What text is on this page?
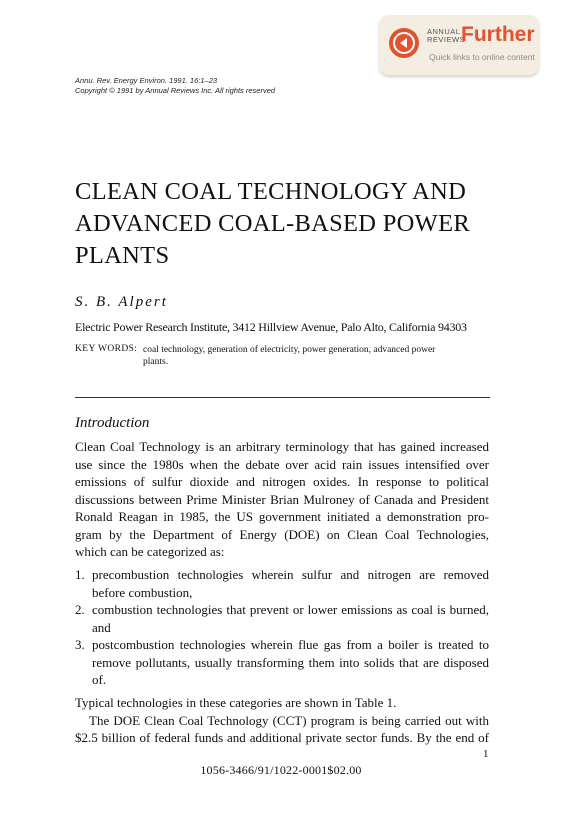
ANNUAL
REVIEWS
Further
Quick links to online content
Annu. Rev. Energy Environ. 1991. 16:1–23
Copyright © 1991 by Annual Reviews Inc. All rights reserved
CLEAN COAL TECHNOLOGY AND
ADVANCED COAL-BASED POWER
PLANTS
S. B. Alpert
Electric Power Research Institute, 3412 Hillview Avenue, Palo Alto, California 94303
KEY WORDS: coal technology, generation of electricity, power generation, advanced power
plants.
Introduction
Clean Coal Technology is an arbitrary terminology that has gained increased
use since the 1980s when the debate over acid rain issues intensified over
emissions of sulfur dioxide and nitrogen oxides. In response to political
discussions between Prime Minister Brian Mulroney of Canada and President
Ronald Reagan in 1985, the US government initiated a demonstration pro-
gram by the Department of Energy (DOE) on Clean Coal Technologies,
which can be categorized as:
1. precombustion technologies wherein sulfur and nitrogen are removed
before combustion,
2. combustion technologies that prevent or lower emissions as coal is burned,
and
3. postcombustion technologies wherein flue gas from a boiler is treated to
remove pollutants, usually transforming them into solids that are disposed
of.
Typical technologies in these categories are shown in Table 1.
The DOE Clean Coal Technology (CCT) program is being carried out with
$2.5 billion of federal funds and additional private sector funds. By the end of
1
1056-3466/91/1022-0001$02.00
